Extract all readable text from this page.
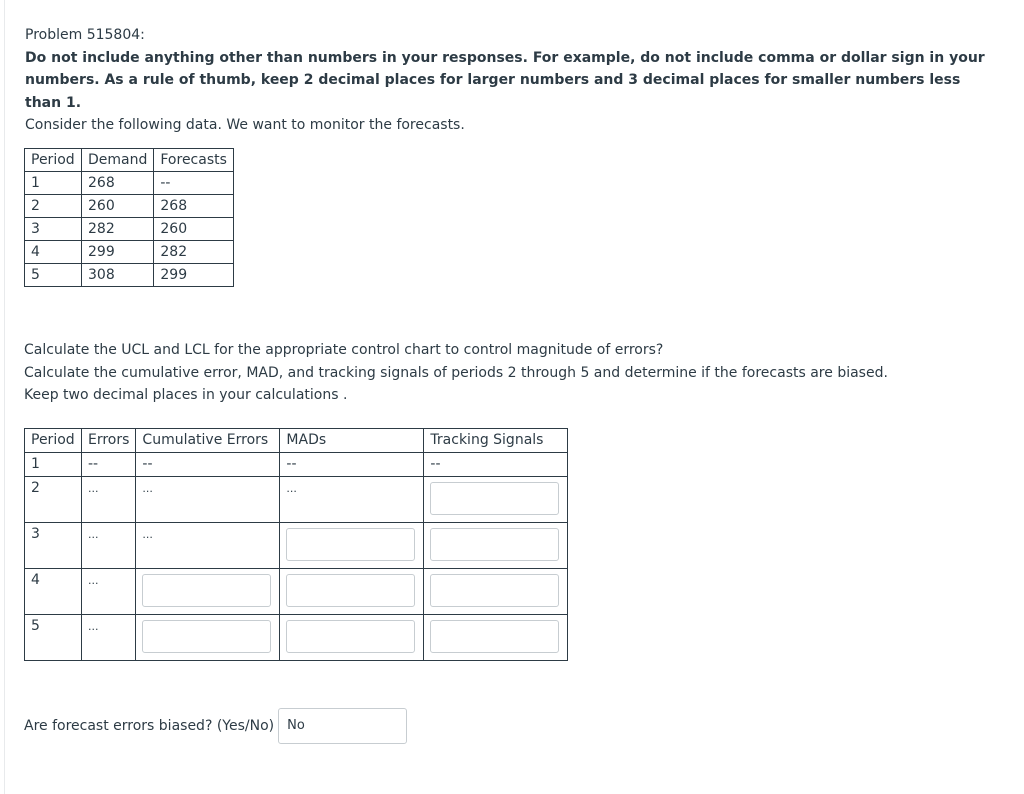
Problem 515804:

Do not include anything other than numbers in your responses. For example, do not include comma or dollar sign in your numbers. As a rule of thumb, keep 2 decimal places for larger numbers and 3 decimal places for smaller numbers less than 1.

Consider the following data. We want to monitor the forecasts.

Period	Demand	Forecasts
1	268	--
2	260	268
3	282	260
4	299	282
5	308	299
Calculate the UCL and LCL for the appropriate control chart to control magnitude of errors?
Calculate the cumulative error, MAD, and tracking signals of periods 2 through 5 and determine if the forecasts are biased.
Keep two decimal places in your calculations .
Period	Errors	Cumulative Errors	MADs	Tracking Signals
1	--	--	--	--
2	...	...	...	

3	...	...	

4	...	

5	...	

Are forecast errors biased? (Yes/No)	No
